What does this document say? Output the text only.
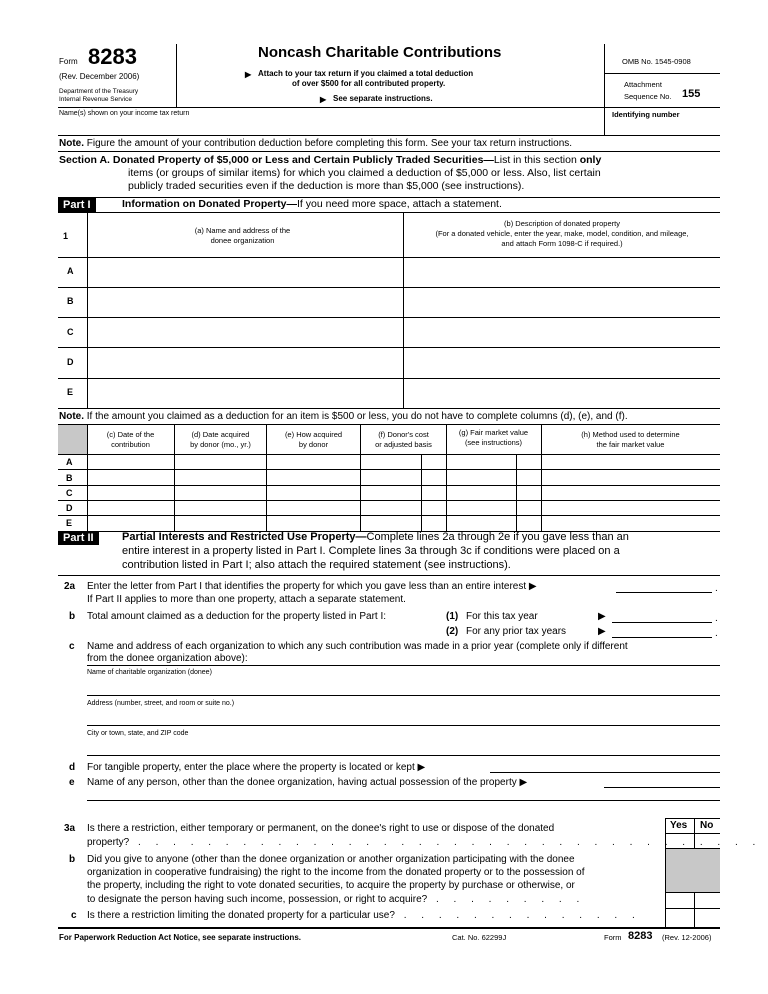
Form 8283
(Rev. December 2006)
Department of the Treasury
Internal Revenue Service
Noncash Charitable Contributions
▶ Attach to your tax return if you claimed a total deduction
of over $500 for all contributed property.
▶ See separate instructions.
OMB No. 1545-0908
Attachment
Sequence No. 155
Name(s) shown on your income tax return	Identifying number
Note. Figure the amount of your contribution deduction before completing this form. See your tax return instructions.
Section A. Donated Property of $5,000 or Less and Certain Publicly Traded Securities—List in this section only
items (or groups of similar items) for which you claimed a deduction of $5,000 or less. Also, list certain
publicly traded securities even if the deduction is more than $5,000 (see instructions).
Part I	Information on Donated Property—If you need more space, attach a statement.
1
(a) Name and address of the
donee organization
(b) Description of donated property
(For a donated vehicle, enter the year, make, model, condition, and mileage,
and attach Form 1098-C if required.)
A
B
C
D
E
Note. If the amount you claimed as a deduction for an item is $500 or less, you do not have to complete columns (d), (e), and (f).
(c) Date of the
contribution
(d) Date acquired
by donor (mo., yr.)
(e) How acquired
by donor
(f) Donor's cost
or adjusted basis
(g) Fair market value
(see instructions)
(h) Method used to determine
the fair market value
A
B
C
D
E
Part II	Partial Interests and Restricted Use Property—Complete lines 2a through 2e if you gave less than an
entire interest in a property listed in Part I. Complete lines 3a through 3c if conditions were placed on a
contribution listed in Part I; also attach the required statement (see instructions).
2a Enter the letter from Part I that identifies the property for which you gave less than an entire interest ▶	.
If Part II applies to more than one property, attach a separate statement.
b Total amount claimed as a deduction for the property listed in Part I:	(1) For this tax year	▶	.
(2) For any prior tax years	▶	.
c Name and address of each organization to which any such contribution was made in a prior year (complete only if different
from the donee organization above):
Name of charitable organization (donee)
Address (number, street, and room or suite no.)
City or town, state, and ZIP code
d For tangible property, enter the place where the property is located or kept ▶
e Name of any person, other than the donee organization, having actual possession of the property ▶
Yes No
3a Is there a restriction, either temporary or permanent, on the donee's right to use or dispose of the donated
property? . . . . . . . . . . . . . . . . . . . . . . . . . . . . . . . . . . . .
b Did you give to anyone (other than the donee organization or another organization participating with the donee
organization in cooperative fundraising) the right to the income from the donated property or to the possession of
the property, including the right to vote donated securities, to acquire the property by purchase or otherwise, or
to designate the person having such income, possession, or right to acquire? . . . . . . . . .
c Is there a restriction limiting the donated property for a particular use? . . . . . . . . . . . . . .
For Paperwork Reduction Act Notice, see separate instructions.	Cat. No. 62299J	Form 8283 (Rev. 12-2006)
